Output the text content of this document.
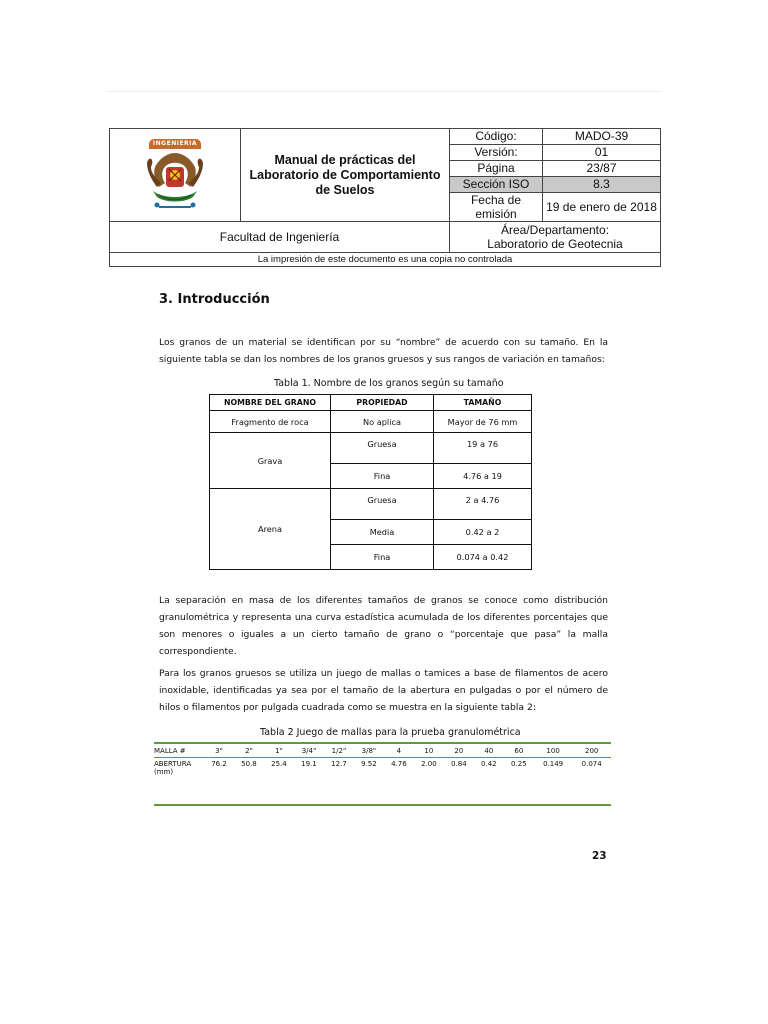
INGENIERIA	Manual de prácticas del Laboratorio de Comportamiento de Suelos	Código:	MADO-39
		Versión:	01
		Página	23/87
		Sección ISO	8.3
		Fecha de emisión	19 de enero de 2018
Facultad de Ingeniería		Área/Departamento:
Laboratorio de Geotecnia	

La impresión de este documento es una copia no controlada			
3. Introducción
Los granos de un material se identifican por su “nombre” de acuerdo con su tamaño. En la siguiente tabla se dan los nombres de los granos gruesos y sus rangos de variación en tamaños:
Tabla 1. Nombre de los granos según su tamaño
NOMBRE DEL GRANO	PROPIEDAD	TAMAÑO
Fragmento de roca	No aplica	Mayor de 76 mm
Grava	Gruesa	19 a 76
	Fina	4.76 a 19
Arena	Gruesa	2 a 4.76
	Media	0.42 a 2
	Fina	0.074 a 0.42
La separación en masa de los diferentes tamaños de granos se conoce como distribución granulométrica y representa una curva estadística acumulada de los diferentes porcentajes que son menores o iguales a un cierto tamaño de grano o “porcentaje que pasa” la malla correspondiente.
Para los granos gruesos se utiliza un juego de mallas o tamices a base de filamentos de acero inoxidable, identificadas ya sea por el tamaño de la abertura en pulgadas o por el número de hilos o filamentos por pulgada cuadrada como se muestra en la siguiente tabla 2:
Tabla 2 Juego de mallas para la prueba granulométrica
MALLA #	3"	2"	1"	3/4"	1/2"	3/8"	4	10	20	40	60	100	200

ABERTURA
(mm)	76.2	50.8	25.4	19.1	12.7	9.52	4.76	2.00	0.84	0.42	0.25	0.149	0.074
23
